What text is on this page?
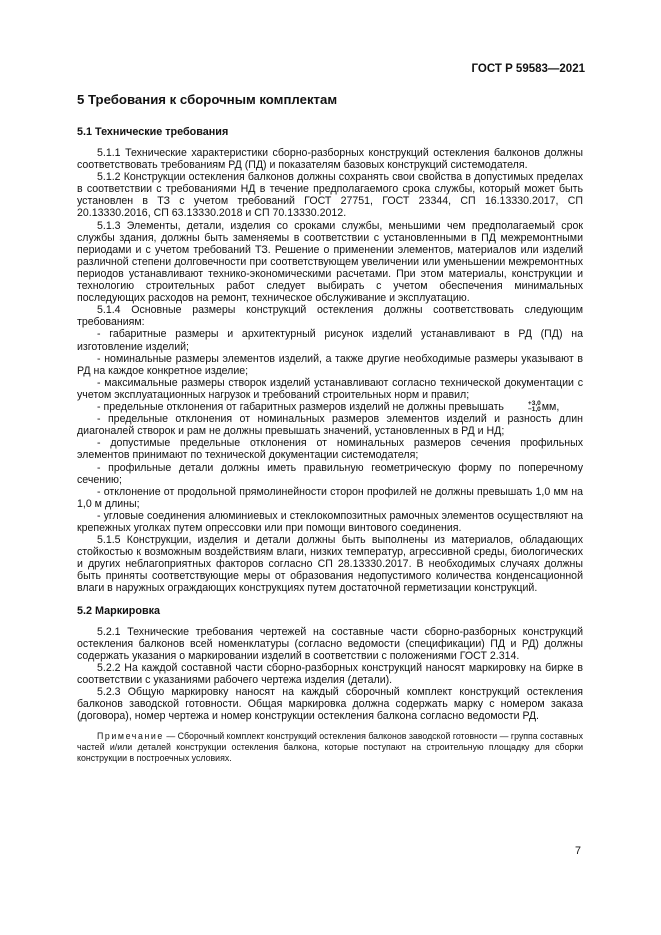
ГОСТ Р 59583—2021
5 Требования к сборочным комплектам
5.1 Технические требования

5.1.1 Технические характеристики сборно-разборных конструкций остекления балконов должны соответствовать требованиям РД (ПД) и показателям базовых конструкций системодателя.

5.1.2 Конструкции остекления балконов должны сохранять свои свойства в допустимых пределах в соответствии с требованиями НД в течение предполагаемого срока службы, который может быть установлен в ТЗ с учетом требований ГОСТ 27751, ГОСТ 23344, СП 16.13330.2017, СП 20.13330.2016, СП 63.13330.2018 и СП 70.13330.2012.

5.1.3 Элементы, детали, изделия со сроками службы, меньшими чем предполагаемый срок службы здания, должны быть заменяемы в соответствии с установленными в ПД межремонтными периодами и с учетом требований ТЗ. Решение о применении элементов, материалов или изделий различной степени долговечности при соответствующем увеличении или уменьшении межремонтных периодов устанавливают технико-экономическими расчетами. При этом материалы, конструкции и технологию строительных работ следует выбирать с учетом обеспечения минимальных последующих расходов на ремонт, техническое обслуживание и эксплуатацию.

5.1.4 Основные размеры конструкций остекления должны соответствовать следующим требованиям:

- габаритные размеры и архитектурный рисунок изделий устанавливают в РД (ПД) на изготовление изделий;

- номинальные размеры элементов изделий, а также другие необходимые размеры указывают в РД на каждое конкретное изделие;

- максимальные размеры створок изделий устанавливают согласно технической документации с учетом эксплуатационных нагрузок и требований строительных норм и правил;

- предельные отклонения от габаритных размеров изделий не должны превышать	+3,0
−1,0 мм,

- предельные отклонения от номинальных размеров элементов изделий и разность длин диагоналей створок и рам не должны превышать значений, установленных в РД и НД;

- допустимые предельные отклонения от номинальных размеров сечения профильных элементов принимают по технической документации системодателя;

- профильные детали должны иметь правильную геометрическую форму по поперечному сечению;

- отклонение от продольной прямолинейности сторон профилей не должны превышать 1,0 мм на 1,0 м длины;

- угловые соединения алюминиевых и стеклокомпозитных рамочных элементов осуществляют на крепежных уголках путем опрессовки или при помощи винтового соединения.

5.1.5 Конструкции, изделия и детали должны быть выполнены из материалов, обладающих стойкостью к возможным воздействиям влаги, низких температур, агрессивной среды, биологических и других неблагоприятных факторов согласно СП 28.13330.2017. В необходимых случаях должны быть приняты соответствующие меры от образования недопустимого количества конденсационной влаги в наружных ограждающих конструкциях путем достаточной герметизации конструкций.

5.2 Маркировка

5.2.1 Технические требования чертежей на составные части сборно-разборных конструкций остекления балконов всей номенклатуры (согласно ведомости (спецификации) ПД и РД) должны содержать указания о маркировании изделий в соответствии с положениями ГОСТ 2.314.

5.2.2 На каждой составной части сборно-разборных конструкций наносят маркировку на бирке в соответствии с указаниями рабочего чертежа изделия (детали).

5.2.3 Общую маркировку наносят на каждый сборочный комплект конструкций остекления балконов заводской готовности. Общая маркировка должна содержать марку с номером заказа (договора), номер чертежа и номер конструкции остекления балкона согласно ведомости РД.

Примечание — Сборочный комплект конструкций остекления балконов заводской готовности — группа составных частей и/или деталей конструкции остекления балкона, которые поступают на строительную площадку для сборки конструкции в построечных условиях.

7
